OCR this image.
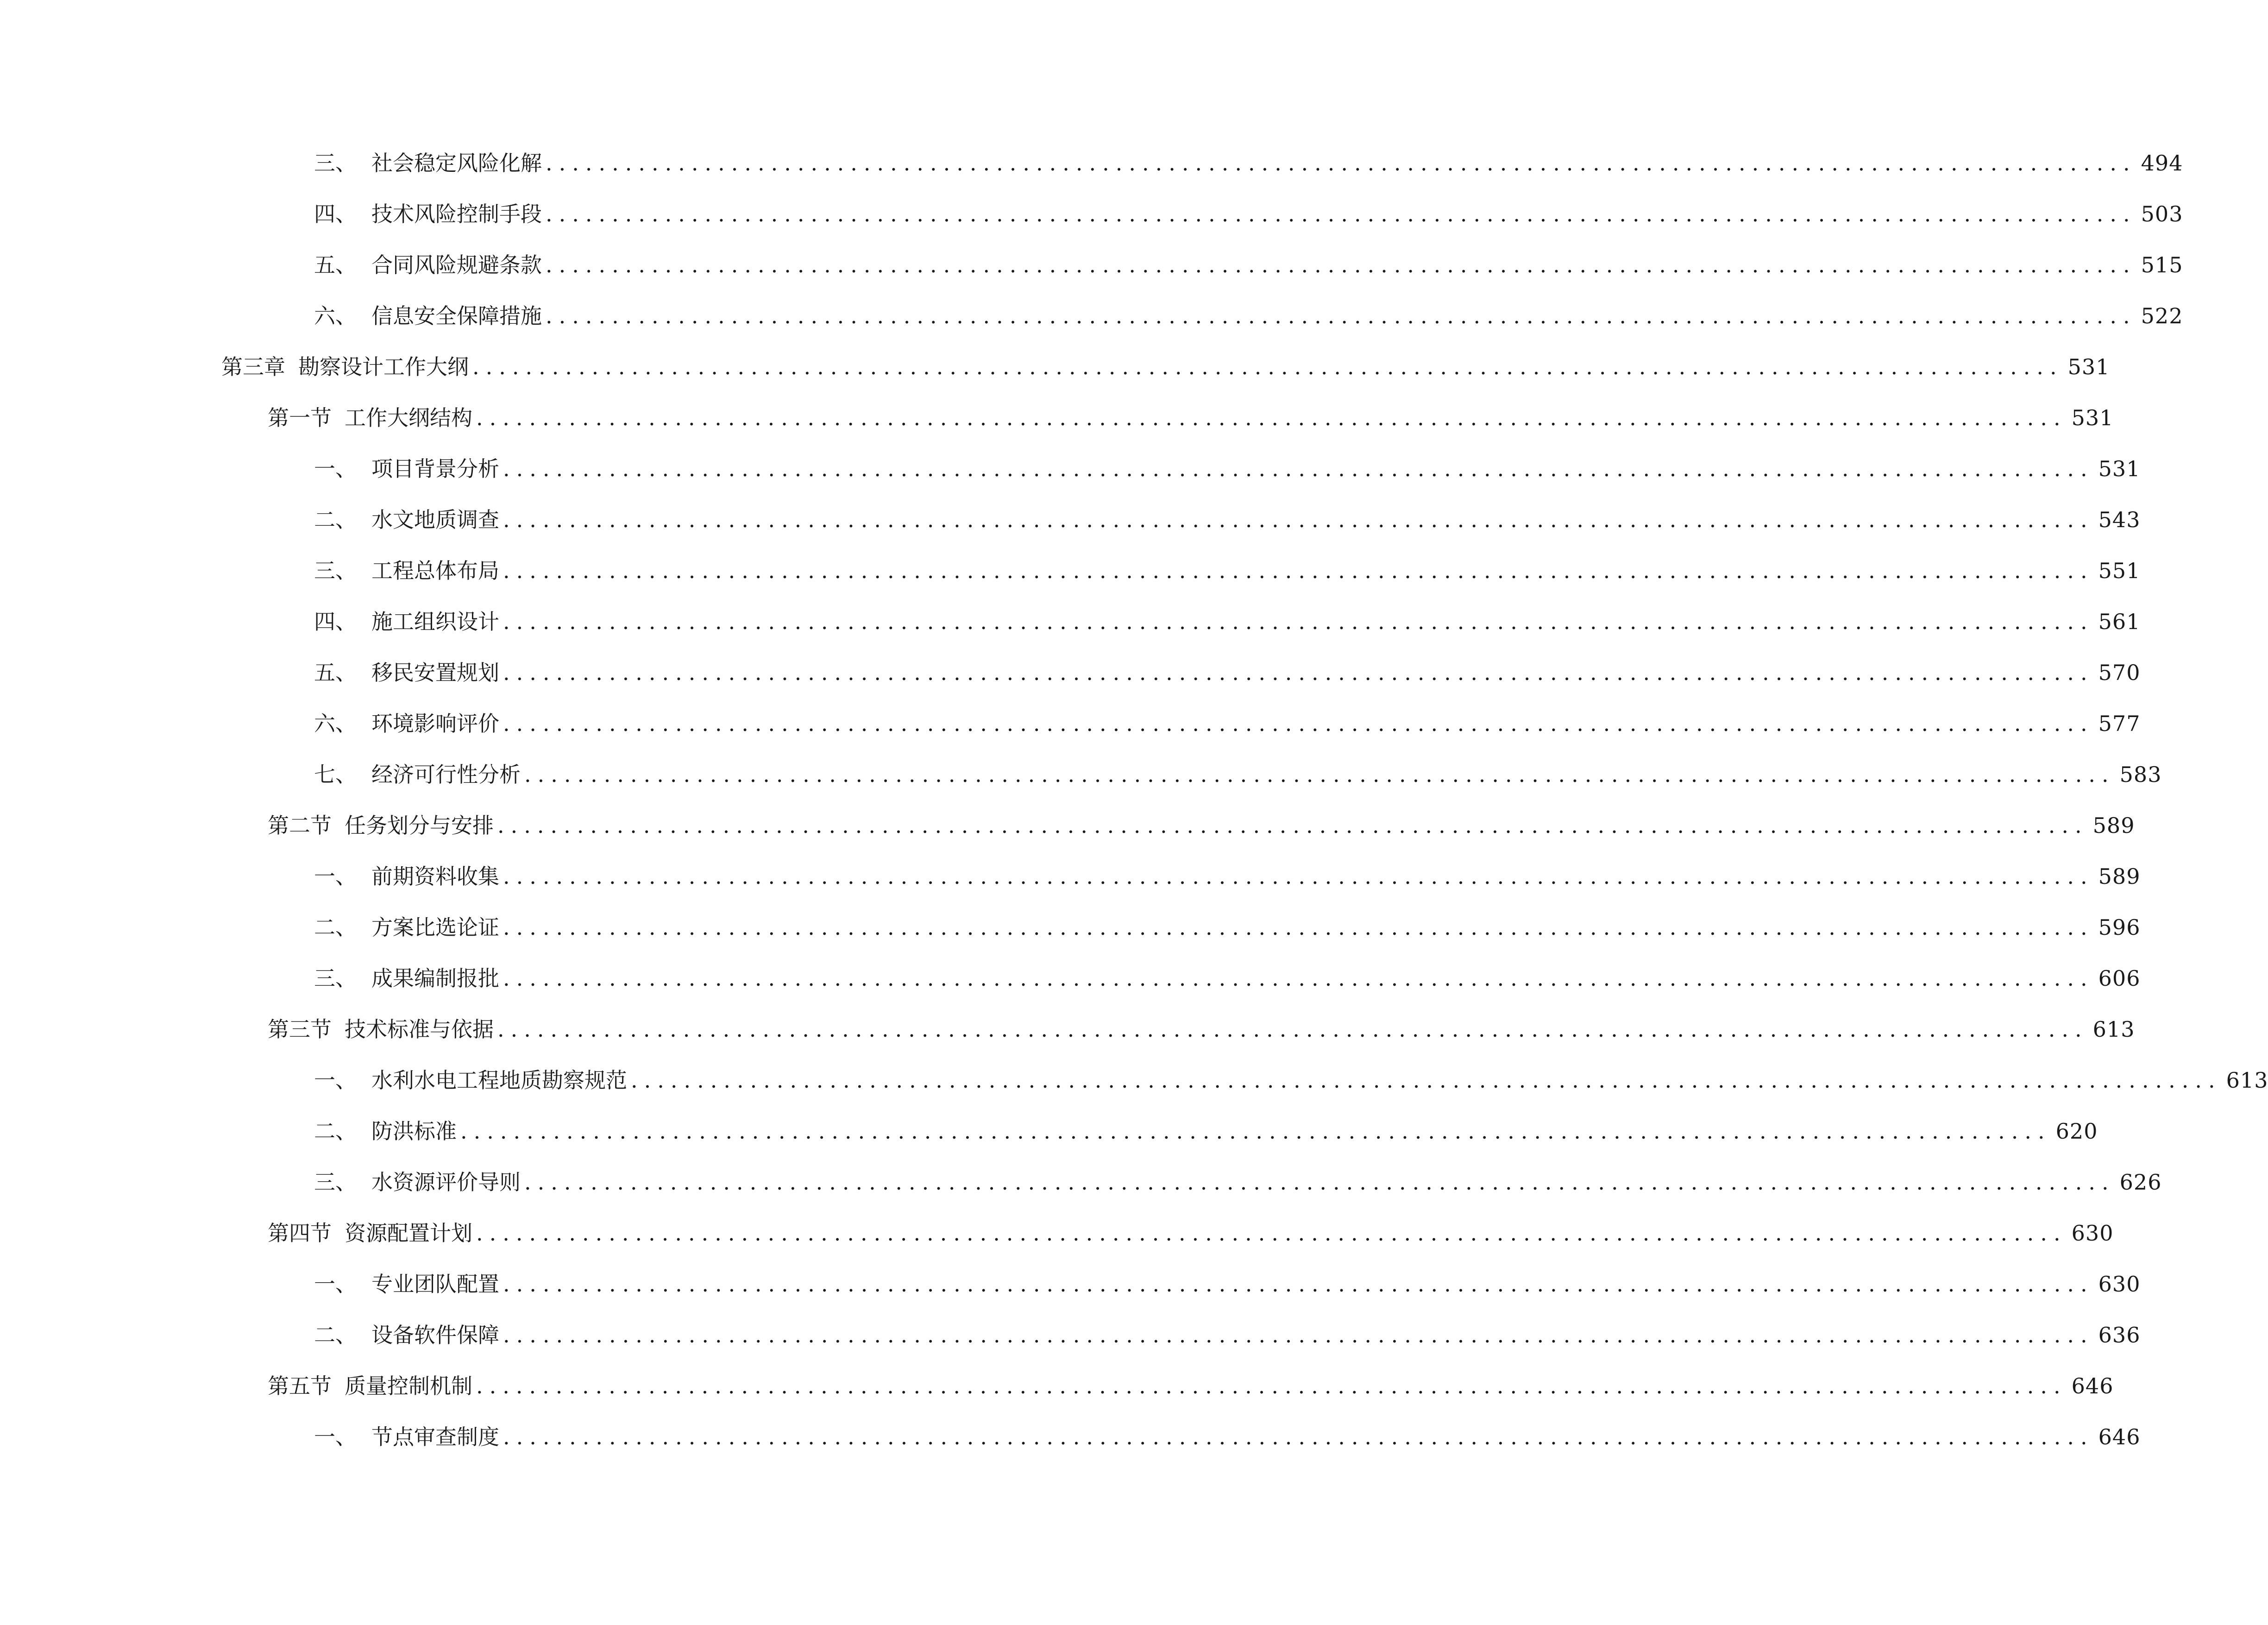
三、 社会稳定风险化解 ........................................................................................................................ 494
四、 技术风险控制手段 ........................................................................................................................ 503
五、 合同风险规避条款 ........................................................................................................................ 515
六、 信息安全保障措施 ........................................................................................................................ 522
第三章 勘察设计工作大纲 ........................................................................................................................ 531
第一节 工作大纲结构 ........................................................................................................................ 531
一、 项目背景分析 ........................................................................................................................ 531
二、 水文地质调查 ........................................................................................................................ 543
三、 工程总体布局 ........................................................................................................................ 551
四、 施工组织设计 ........................................................................................................................ 561
五、 移民安置规划 ........................................................................................................................ 570
六、 环境影响评价 ........................................................................................................................ 577
七、 经济可行性分析 ........................................................................................................................ 583
第二节 任务划分与安排 ........................................................................................................................ 589
一、 前期资料收集 ........................................................................................................................ 589
二、 方案比选论证 ........................................................................................................................ 596
三、 成果编制报批 ........................................................................................................................ 606
第三节 技术标准与依据 ........................................................................................................................ 613
一、 水利水电工程地质勘察规范 ........................................................................................................................ 613
二、 防洪标准 ........................................................................................................................ 620
三、 水资源评价导则 ........................................................................................................................ 626
第四节 资源配置计划 ........................................................................................................................ 630
一、 专业团队配置 ........................................................................................................................ 630
二、 设备软件保障 ........................................................................................................................ 636
第五节 质量控制机制 ........................................................................................................................ 646
一、 节点审查制度 ........................................................................................................................ 646
